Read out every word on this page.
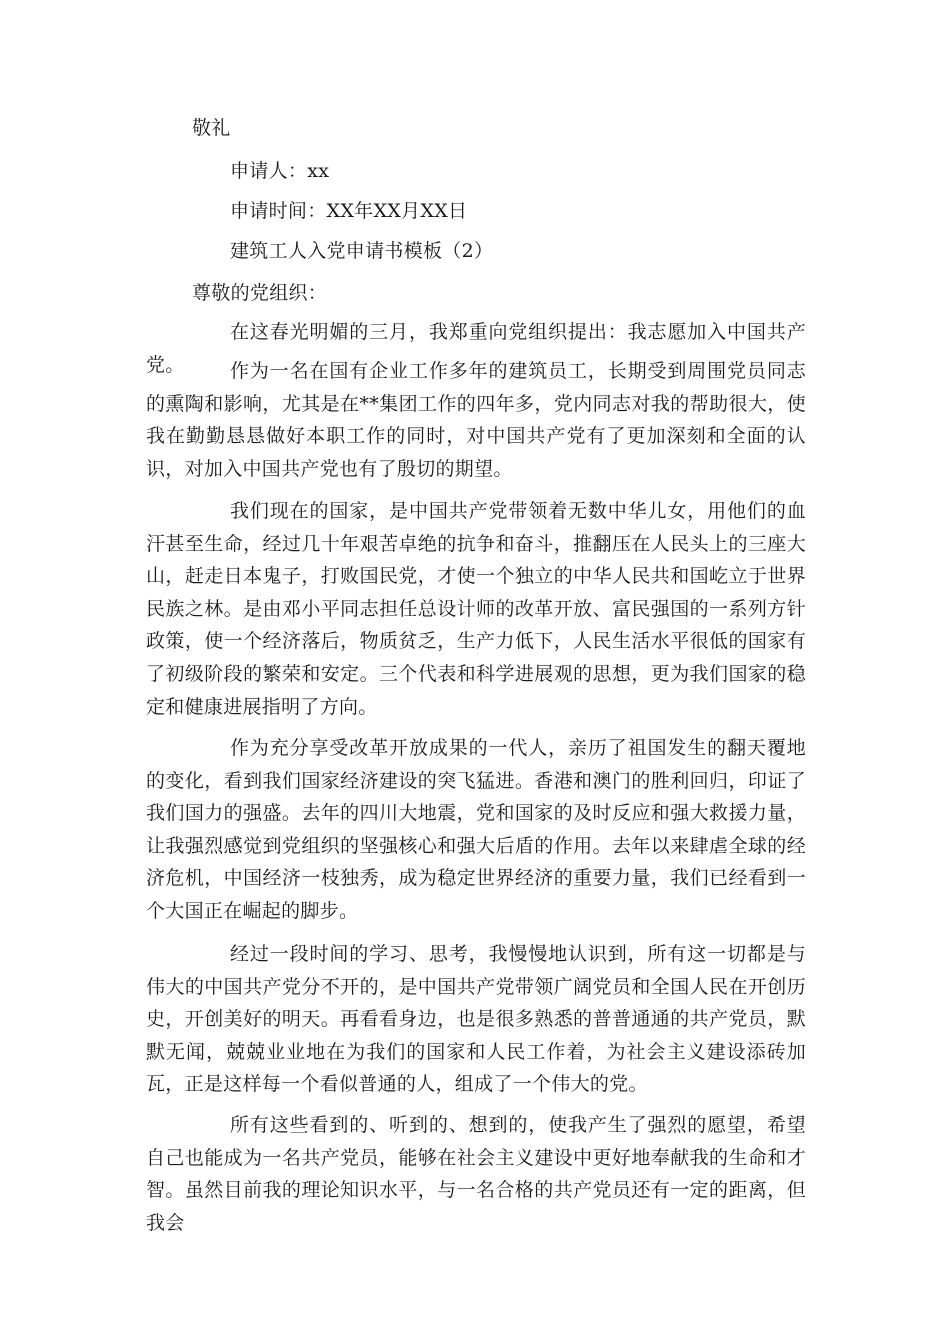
敬礼
申请人：xx
申请时间：XX年XX月XX日
建筑工人入党申请书模板（2）
尊敬的党组织：

在这春光明媚的三月，我郑重向党组织提出：我志愿加入中国共产党。	作为一名在国有企业工作多年的建筑员工，长期受到周围党员同志的熏陶和影响，尤其是在**集团工作的四年多，党内同志对我的帮助很大，使我在勤勤恳恳做好本职工作的同时，对中国共产党有了更加深刻和全面的认识，对加入中国共产党也有了殷切的期望。

我们现在的国家，是中国共产党带领着无数中华儿女，用他们的血汗甚至生命，经过几十年艰苦卓绝的抗争和奋斗，推翻压在人民头上的三座大山，赶走日本鬼子，打败国民党，才使一个独立的中华人民共和国屹立于世界民族之林。是由邓小平同志担任总设计师的改革开放、富民强国的一系列方针政策，使一个经济落后，物质贫乏，生产力低下，人民生活水平很低的国家有了初级阶段的繁荣和安定。三个代表和科学进展观的思想，更为我们国家的稳定和健康进展指明了方向。

作为充分享受改革开放成果的一代人，亲历了祖国发生的翻天覆地的变化，看到我们国家经济建设的突飞猛进。香港和澳门的胜利回归，印证了我们国力的强盛。去年的四川大地震，党和国家的及时反应和强大救援力量，让我强烈感觉到党组织的坚强核心和强大后盾的作用。去年以来肆虐全球的经济危机，中国经济一枝独秀，成为稳定世界经济的重要力量，我们已经看到一个大国正在崛起的脚步。

经过一段时间的学习、思考，我慢慢地认识到，所有这一切都是与伟大的中国共产党分不开的，是中国共产党带领广阔党员和全国人民在开创历史，开创美好的明天。再看看身边，也是很多熟悉的普普通通的共产党员，默默无闻，兢兢业业地在为我们的国家和人民工作着，为社会主义建设添砖加瓦，正是这样每一个看似普通的人，组成了一个伟大的党。

所有这些看到的、听到的、想到的，使我产生了强烈的愿望，希望自己也能成为一名共产党员，能够在社会主义建设中更好地奉献我的生命和才智。虽然目前我的理论知识水平，与一名合格的共产党员还有一定的距离，但我会
